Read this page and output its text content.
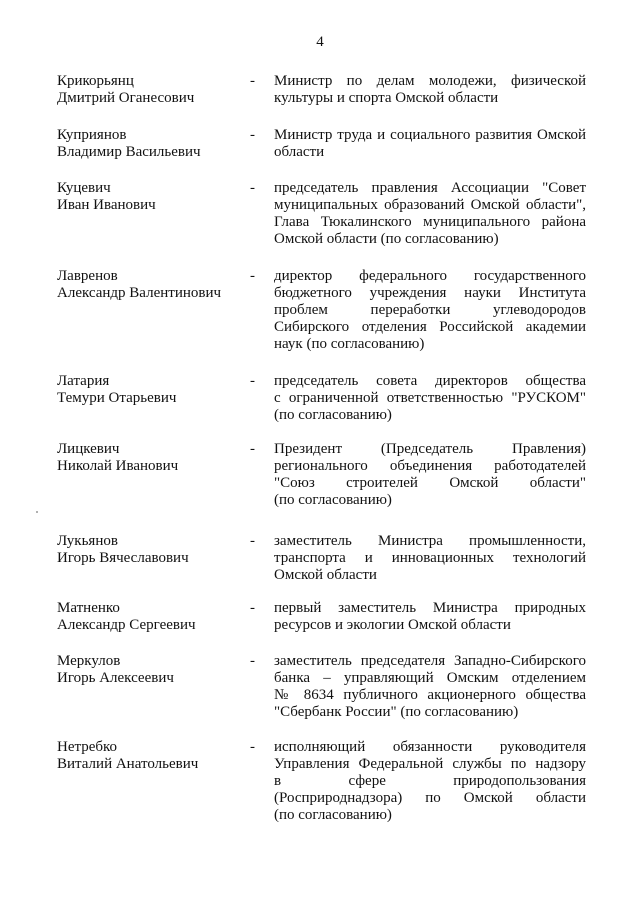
4
Крикорьянц
Дмитрий Оганесович
-	Министр по делам молодежи, физической
культуры и спорта Омской области
Куприянов
Владимир Васильевич
-	Министр труда и социального развития Омской
области
Куцевич
Иван Иванович
-	председатель правления Ассоциации "Совет
муниципальных образований Омской области",
Глава Тюкалинского муниципального района
Омской области (по согласованию)
Лавренов
Александр Валентинович
-	директор федерального государственного
бюджетного учреждения науки Института
проблем переработки углеводородов
Сибирского отделения Российской академии
наук (по согласованию)
Латария
Темури Отарьевич
-	председатель совета директоров общества
с ограниченной ответственностью "РУСКОМ"
(по согласованию)
Лицкевич
Николай Иванович
-	Президент (Председатель Правления)
регионального объединения работодателей
"Союз строителей Омской области"
(по согласованию)
Лукьянов
Игорь Вячеславович
-	заместитель Министра промышленности,
транспорта и инновационных технологий
Омской области
Матненко
Александр Сергеевич
-	первый заместитель Министра природных
ресурсов и экологии Омской области
Меркулов
Игорь Алексеевич
-	заместитель председателя Западно-Сибирского
банка – управляющий Омским отделением
№ 8634 публичного акционерного общества
"Сбербанк России" (по согласованию)
Нетребко
Виталий Анатольевич
-	исполняющий обязанности руководителя
Управления Федеральной службы по надзору
в сфере природопользования
(Росприроднадзора) по Омской области
(по согласованию)
